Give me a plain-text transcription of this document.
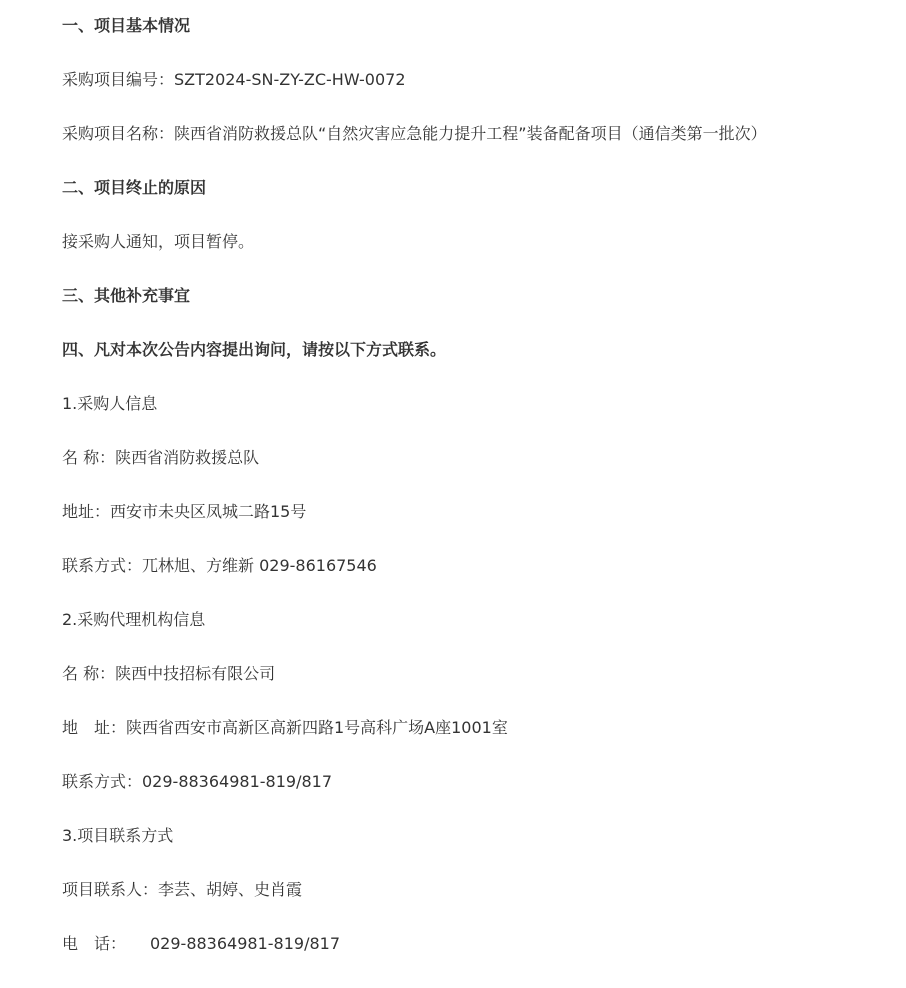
一、项目基本情况

采购项目编号：SZT2024-SN-ZY-ZC-HW-0072

采购项目名称：陕西省消防救援总队“自然灾害应急能力提升工程”装备配备项目（通信类第一批次）

二、项目终止的原因

接采购人通知，项目暂停。

三、其他补充事宜

四、凡对本次公告内容提出询问，请按以下方式联系。

1.采购人信息

名 称：陕西省消防救援总队

地址：西安市未央区凤城二路15号

联系方式：兀林旭、方维新 029-86167546

2.采购代理机构信息

名 称：陕西中技招标有限公司

地　址：陕西省西安市高新区高新四路1号高科广场A座1001室

联系方式：029-88364981-819/817

3.项目联系方式

项目联系人：李芸、胡婷、史肖霞

电　话：　　029-88364981-819/817
